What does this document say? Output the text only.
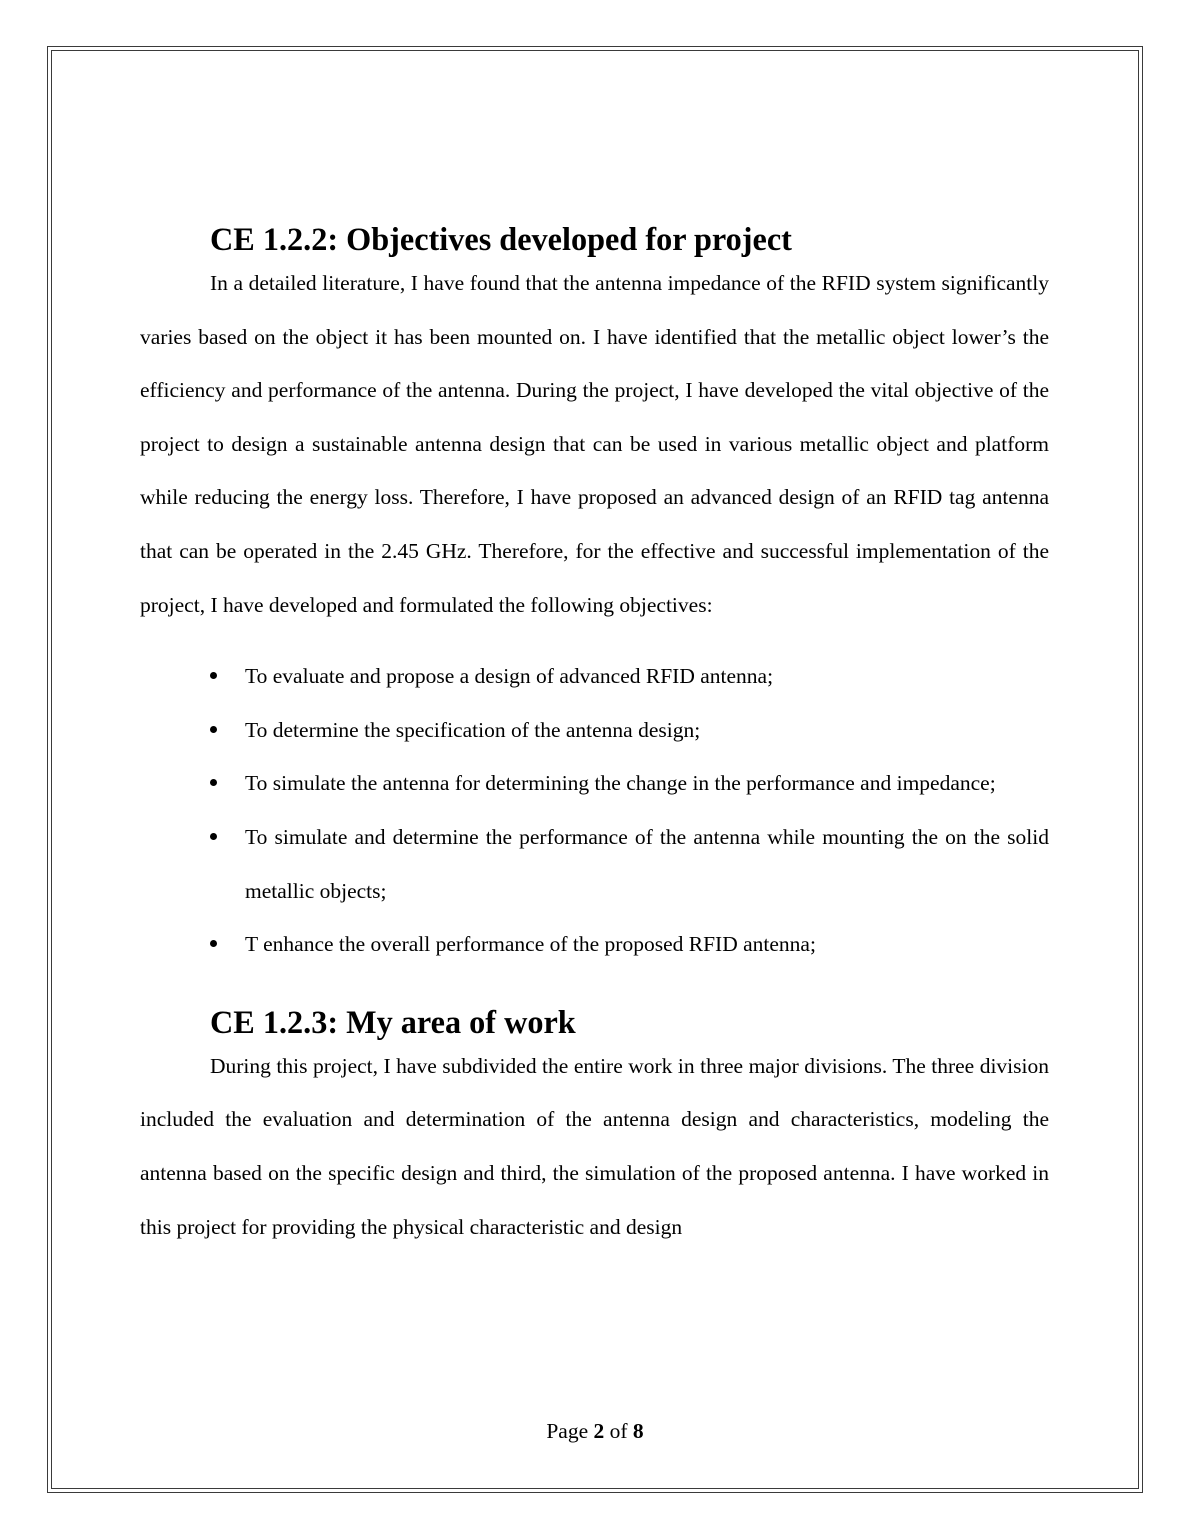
CE 1.2.2: Objectives developed for project

In a detailed literature, I have found that the antenna impedance of the RFID system significantly varies based on the object it has been mounted on. I have identified that the metallic object lower’s the efficiency and performance of the antenna. During the project, I have developed the vital objective of the project to design a sustainable antenna design that can be used in various metallic object and platform while reducing the energy loss. Therefore, I have proposed an advanced design of an RFID tag antenna that can be operated in the 2.45 GHz. Therefore, for the effective and successful implementation of the project, I have developed and formulated the following objectives:

To evaluate and propose a design of advanced RFID antenna;
To determine the specification of the antenna design;
To simulate the antenna for determining the change in the performance and impedance;
To simulate and determine the performance of the antenna while mounting the on the solid metallic objects;
T enhance the overall performance of the proposed RFID antenna;
CE 1.2.3: My area of work

During this project, I have subdivided the entire work in three major divisions. The three division included the evaluation and determination of the antenna design and characteristics, modeling the antenna based on the specific design and third, the simulation of the proposed antenna. I have worked in this project for providing the physical characteristic and design

Page 2 of 8
